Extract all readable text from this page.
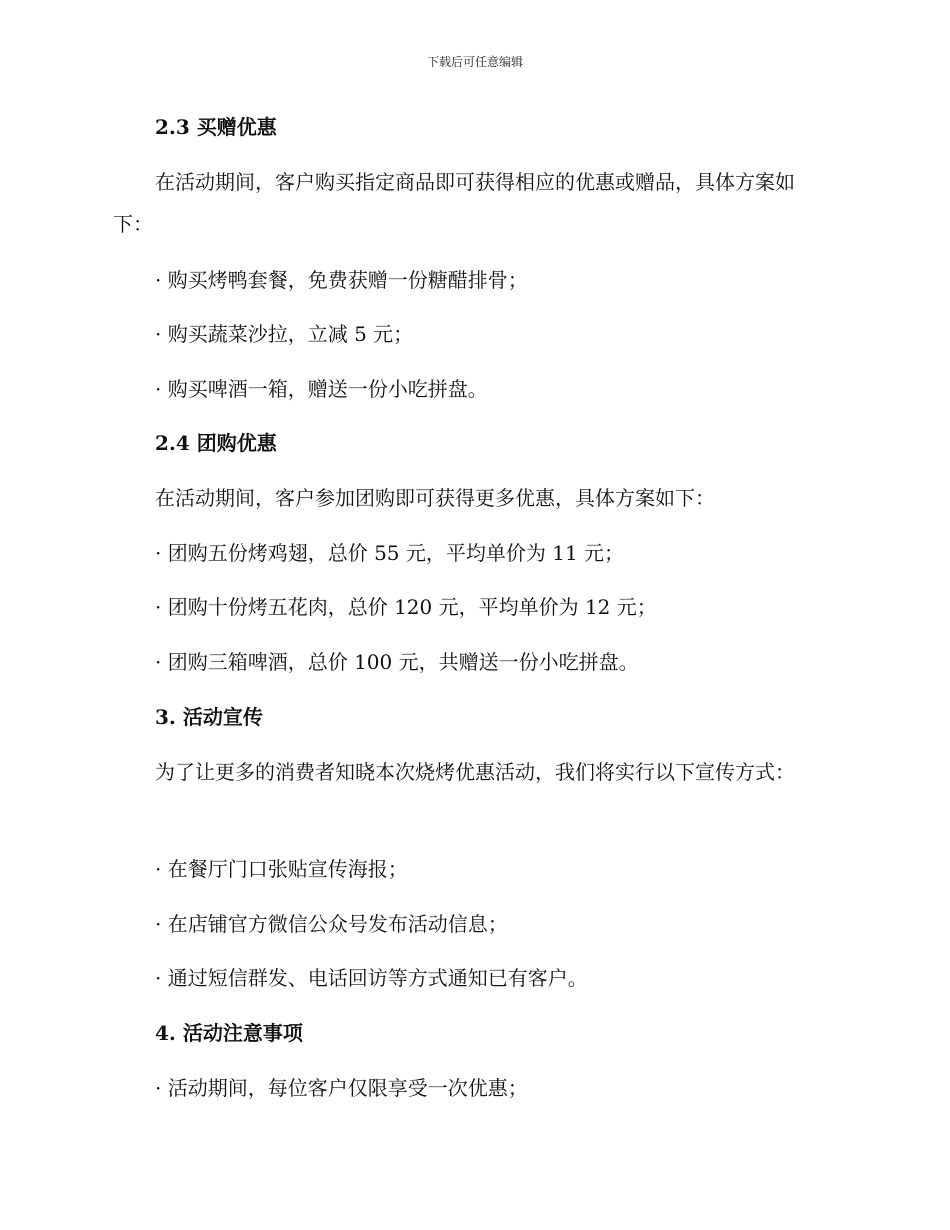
下载后可任意编辑
2.3 买赠优惠
在活动期间，客户购买指定商品即可获得相应的优惠或赠品，具体方案如下：
· 购买烤鸭套餐，免费获赠一份糖醋排骨；
· 购买蔬菜沙拉，立减 5 元；
· 购买啤酒一箱，赠送一份小吃拼盘。
2.4 团购优惠
在活动期间，客户参加团购即可获得更多优惠，具体方案如下：
· 团购五份烤鸡翅，总价 55 元，平均单价为 11 元；
· 团购十份烤五花肉，总价 120 元，平均单价为 12 元；
· 团购三箱啤酒，总价 100 元，共赠送一份小吃拼盘。
3. 活动宣传
为了让更多的消费者知晓本次烧烤优惠活动，我们将实行以下宣传方式：
· 在餐厅门口张贴宣传海报；
· 在店铺官方微信公众号发布活动信息；
· 通过短信群发、电话回访等方式通知已有客户。
4. 活动注意事项
· 活动期间，每位客户仅限享受一次优惠；
